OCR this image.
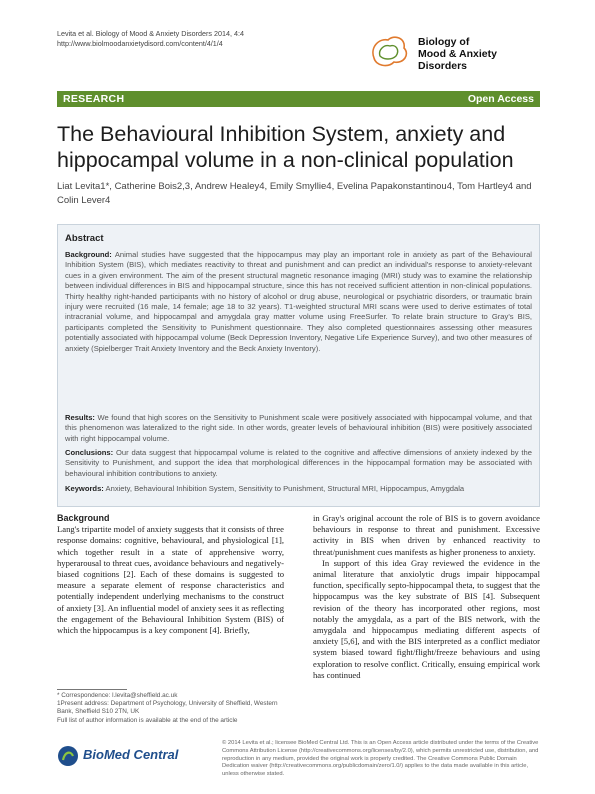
Levita et al. Biology of Mood & Anxiety Disorders 2014, 4:4
http://www.biolmoodanxietydisord.com/content/4/1/4	Biology of
Mood & Anxiety Disorders
RESEARCH	Open Access
The Behavioural Inhibition System, anxiety and hippocampal volume in a non-clinical population
Liat Levita1*, Catherine Bois2,3, Andrew Healey4, Emily Smyllie4, Evelina Papakonstantinou4, Tom Hartley4 and Colin Lever4
Abstract
Background: Animal studies have suggested that the hippocampus may play an important role in anxiety as part of the Behavioural Inhibition System (BIS), which mediates reactivity to threat and punishment and can predict an individual's response to anxiety-relevant cues in a given environment. The aim of the present structural magnetic resonance imaging (MRI) study was to examine the relationship between individual differences in BIS and hippocampal structure, since this has not received sufficient attention in non-clinical populations. Thirty healthy right-handed participants with no history of alcohol or drug abuse, neurological or psychiatric disorders, or traumatic brain injury were recruited (16 male, 14 female; age 18 to 32 years). T1-weighted structural MRI scans were used to derive estimates of total intracranial volume, and hippocampal and amygdala gray matter volume using FreeSurfer. To relate brain structure to Gray's BIS, participants completed the Sensitivity to Punishment questionnaire. They also completed questionnaires assessing other measures potentially associated with hippocampal volume (Beck Depression Inventory, Negative Life Experience Survey), and two other measures of anxiety (Spielberger Trait Anxiety Inventory and the Beck Anxiety Inventory).
Results: We found that high scores on the Sensitivity to Punishment scale were positively associated with hippocampal volume, and that this phenomenon was lateralized to the right side. In other words, greater levels of behavioural inhibition (BIS) were positively associated with right hippocampal volume.
Conclusions: Our data suggest that hippocampal volume is related to the cognitive and affective dimensions of anxiety indexed by the Sensitivity to Punishment, and support the idea that morphological differences in the hippocampal formation may be associated with behavioural inhibition contributions to anxiety.
Keywords: Anxiety, Behavioural Inhibition System, Sensitivity to Punishment, Structural MRI, Hippocampus, Amygdala
Background
Lang's tripartite model of anxiety suggests that it consists of three response domains: cognitive, behavioural, and physiological [1], which together result in a state of apprehensive worry, hyperarousal to threat cues, avoidance behaviours and negatively-biased cognitions [2]. Each of these domains is suggested to measure a separate element of response characteristics and potentially independent underlying mechanisms to the construct of anxiety [3]. An influential model of anxiety sees it as reflecting the engagement of the Behavioural Inhibition System (BIS) of which the hippocampus is a key component [4]. Briefly,
* Correspondence: l.levita@sheffield.ac.uk
1Present address: Department of Psychology, University of Sheffield, Western Bank, Sheffield S10 2TN, UK
Full list of author information is available at the end of the article
in Gray's original account the role of BIS is to govern avoidance behaviours in response to threat and punishment. Excessive activity in BIS when driven by enhanced reactivity to threat/punishment cues manifests as higher proneness to anxiety.
In support of this idea Gray reviewed the evidence in the animal literature that anxiolytic drugs impair hippocampal function, specifically septo-hippocampal theta, to suggest that the hippocampus was the key substrate of BIS [4]. Subsequent revision of the theory has incorporated other regions, most notably the amygdala, as a part of the BIS network, with the amygdala and hippocampus mediating different aspects of anxiety [5,6], and with the BIS interpreted as a conflict mediator system biased toward fight/flight/freeze behaviours and using exploration to resolve conflict. Critically, ensuing empirical work has continued
BioMed Central
© 2014 Levita et al.; licensee BioMed Central Ltd. This is an Open Access article distributed under the terms of the Creative Commons Attribution License (http://creativecommons.org/licenses/by/2.0), which permits unrestricted use, distribution, and reproduction in any medium, provided the original work is properly credited. The Creative Commons Public Domain Dedication waiver (http://creativecommons.org/publicdomain/zero/1.0/) applies to the data made available in this article, unless otherwise stated.
